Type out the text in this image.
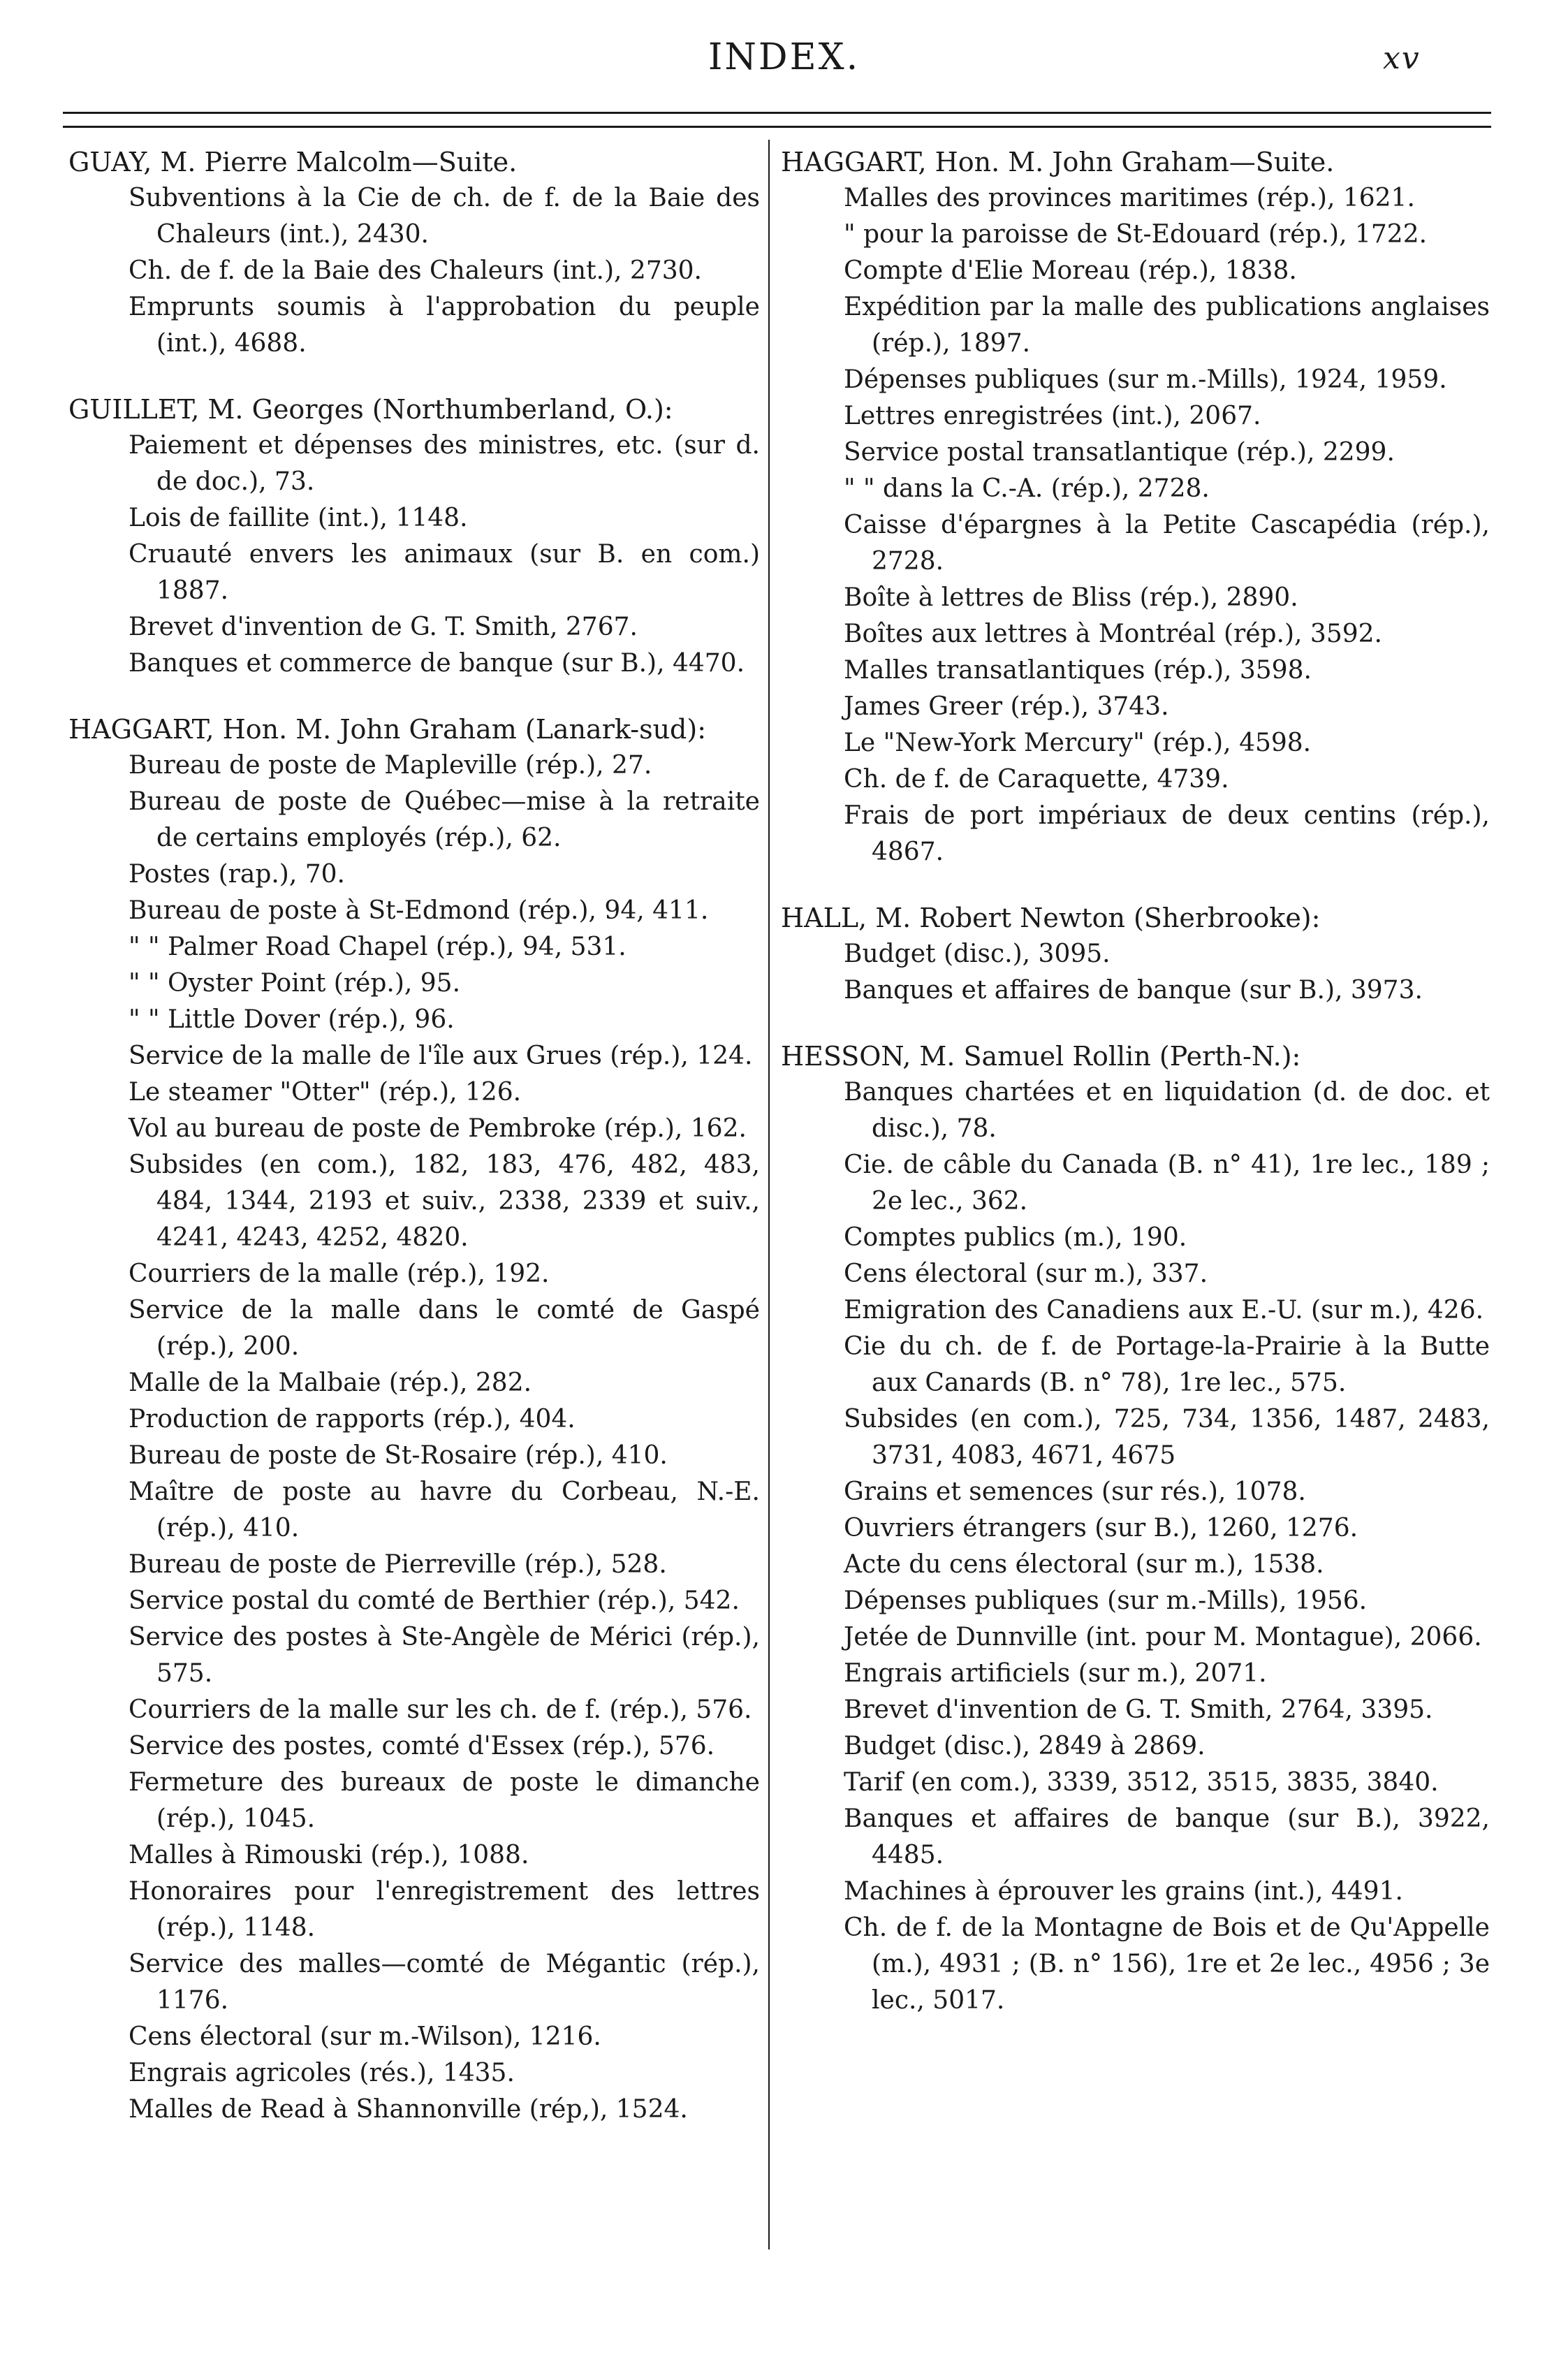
INDEX.	xv
GUAY, M. Pierre Malcolm—Suite.
Subventions à la Cie de ch. de f. de la Baie des Chaleurs (int.), 2430.
Ch. de f. de la Baie des Chaleurs (int.), 2730.
Emprunts soumis à l'approbation du peuple (int.), 4688.
GUILLET, M. Georges (Northumberland, O.):
Paiement et dépenses des ministres, etc. (sur d. de doc.), 73.
Lois de faillite (int.), 1148.
Cruauté envers les animaux (sur B. en com.) 1887.
Brevet d'invention de G. T. Smith, 2767.
Banques et commerce de banque (sur B.), 4470.
HAGGART, Hon. M. John Graham (Lanark-sud):
Bureau de poste de Mapleville (rép.), 27.
Bureau de poste de Québec—mise à la retraite de certains employés (rép.), 62.
Postes (rap.), 70.
Bureau de poste à St-Edmond (rép.), 94, 411.
" " Palmer Road Chapel (rép.), 94, 531.
" " Oyster Point (rép.), 95.
" " Little Dover (rép.), 96.
Service de la malle de l'île aux Grues (rép.), 124.
Le steamer "Otter" (rép.), 126.
Vol au bureau de poste de Pembroke (rép.), 162.
Subsides (en com.), 182, 183, 476, 482, 483, 484, 1344, 2193 et suiv., 2338, 2339 et suiv., 4241, 4243, 4252, 4820.
Courriers de la malle (rép.), 192.
Service de la malle dans le comté de Gaspé (rép.), 200.
Malle de la Malbaie (rép.), 282.
Production de rapports (rép.), 404.
Bureau de poste de St-Rosaire (rép.), 410.
Maître de poste au havre du Corbeau, N.-E. (rép.), 410.
Bureau de poste de Pierreville (rép.), 528.
Service postal du comté de Berthier (rép.), 542.
Service des postes à Ste-Angèle de Mérici (rép.), 575.
Courriers de la malle sur les ch. de f. (rép.), 576.
Service des postes, comté d'Essex (rép.), 576.
Fermeture des bureaux de poste le dimanche (rép.), 1045.
Malles à Rimouski (rép.), 1088.
Honoraires pour l'enregistrement des lettres (rép.), 1148.
Service des malles—comté de Mégantic (rép.), 1176.
Cens électoral (sur m.-Wilson), 1216.
Engrais agricoles (rés.), 1435.
Malles de Read à Shannonville (rép,), 1524.
HAGGART, Hon. M. John Graham—Suite.
Malles des provinces maritimes (rép.), 1621.
" pour la paroisse de St-Edouard (rép.), 1722.
Compte d'Elie Moreau (rép.), 1838.
Expédition par la malle des publications anglaises (rép.), 1897.
Dépenses publiques (sur m.-Mills), 1924, 1959.
Lettres enregistrées (int.), 2067.
Service postal transatlantique (rép.), 2299.
" " dans la C.-A. (rép.), 2728.
Caisse d'épargnes à la Petite Cascapédia (rép.), 2728.
Boîte à lettres de Bliss (rép.), 2890.
Boîtes aux lettres à Montréal (rép.), 3592.
Malles transatlantiques (rép.), 3598.
James Greer (rép.), 3743.
Le "New-York Mercury" (rép.), 4598.
Ch. de f. de Caraquette, 4739.
Frais de port impériaux de deux centins (rép.), 4867.
HALL, M. Robert Newton (Sherbrooke):
Budget (disc.), 3095.
Banques et affaires de banque (sur B.), 3973.
HESSON, M. Samuel Rollin (Perth-N.):
Banques chartées et en liquidation (d. de doc. et disc.), 78.
Cie. de câble du Canada (B. n° 41), 1re lec., 189 ; 2e lec., 362.
Comptes publics (m.), 190.
Cens électoral (sur m.), 337.
Emigration des Canadiens aux E.-U. (sur m.), 426.
Cie du ch. de f. de Portage-la-Prairie à la Butte aux Canards (B. n° 78), 1re lec., 575.
Subsides (en com.), 725, 734, 1356, 1487, 2483, 3731, 4083, 4671, 4675
Grains et semences (sur rés.), 1078.
Ouvriers étrangers (sur B.), 1260, 1276.
Acte du cens électoral (sur m.), 1538.
Dépenses publiques (sur m.-Mills), 1956.
Jetée de Dunnville (int. pour M. Montague), 2066.
Engrais artificiels (sur m.), 2071.
Brevet d'invention de G. T. Smith, 2764, 3395.
Budget (disc.), 2849 à 2869.
Tarif (en com.), 3339, 3512, 3515, 3835, 3840.
Banques et affaires de banque (sur B.), 3922, 4485.
Machines à éprouver les grains (int.), 4491.
Ch. de f. de la Montagne de Bois et de Qu'Appelle (m.), 4931 ; (B. n° 156), 1re et 2e lec., 4956 ; 3e lec., 5017.
